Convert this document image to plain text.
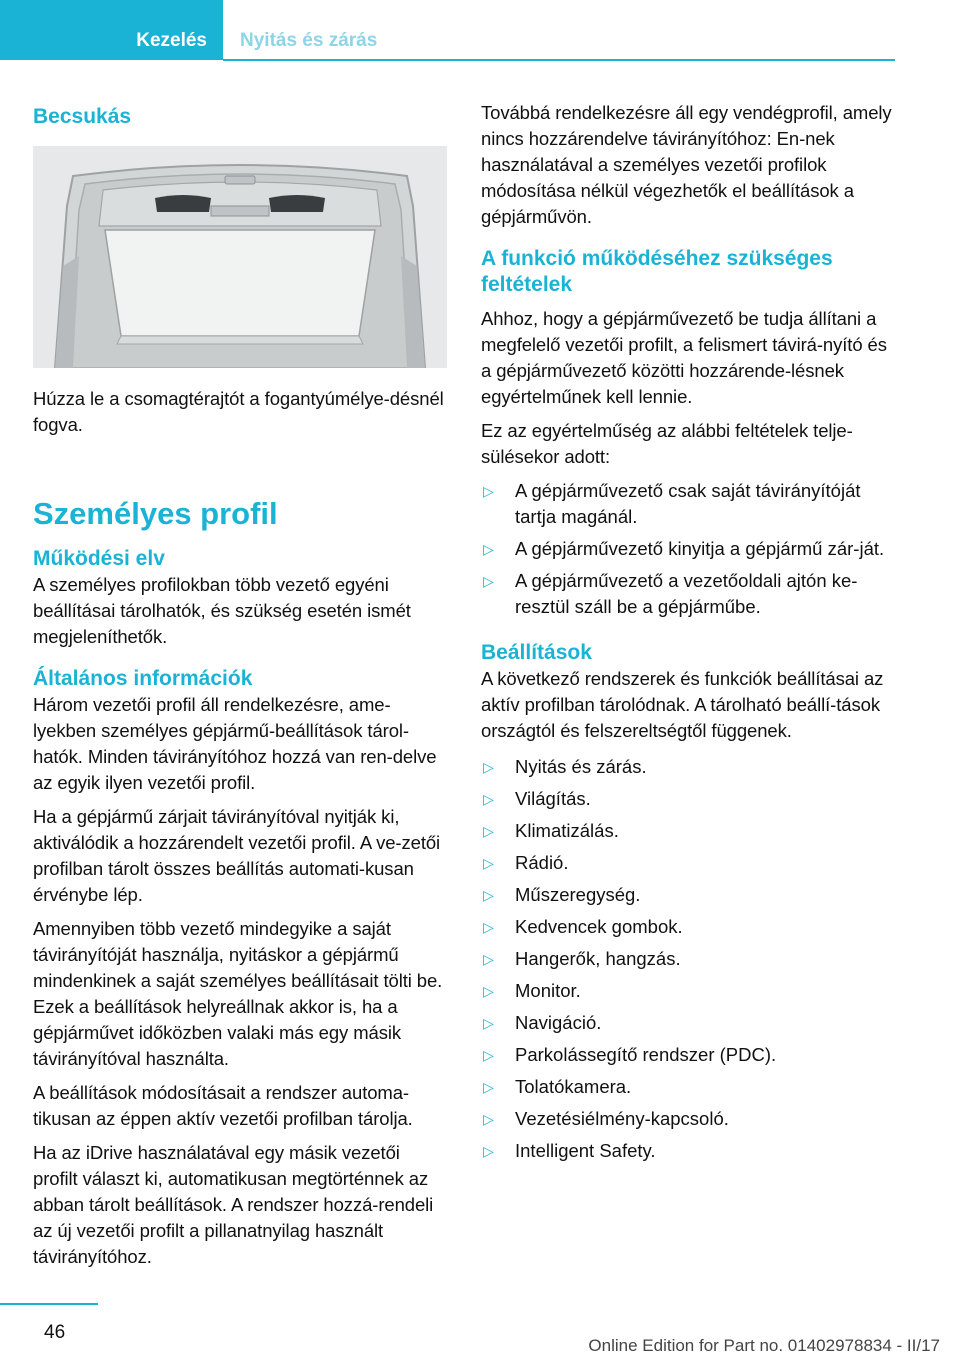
Kezelés	Nyitás és zárás
Becsukás

Húzza le a csomagtérajtót a fogantyúmélye‐désnél fogva.

Személyes profil
Működési elv

A személyes profilokban több vezető egyéni beállításai tárolhatók, és szükség esetén ismét megjeleníthetők.

Általános információk

Három vezetői profil áll rendelkezésre, ame‐lyekben személyes gépjármű-beállítások tárol‐hatók. Minden távirányítóhoz hozzá van ren‐delve az egyik ilyen vezetői profil.

Ha a gépjármű zárjait távirányítóval nyitják ki, aktiválódik a hozzárendelt vezetői profil. A ve‐zetői profilban tárolt összes beállítás automati‐kusan érvénybe lép.

Amennyiben több vezető mindegyike a saját távirányítóját használja, nyitáskor a gépjármű mindenkinek a saját személyes beállításait tölti be. Ezek a beállítások helyreállnak akkor is, ha a gépjárművet időközben valaki más egy másik távirányítóval használta.

A beállítások módosításait a rendszer automa‐tikusan az éppen aktív vezetői profilban tárolja.

Ha az iDrive használatával egy másik vezetői profilt választ ki, automatikusan megtörténnek az abban tárolt beállítások. A rendszer hozzá‐rendeli az új vezetői profilt a pillanatnyilag használt távirányítóhoz.

Továbbá rendelkezésre áll egy vendégprofil, amely nincs hozzárendelve távirányítóhoz: En‐nek használatával a személyes vezetői profilok módosítása nélkül végezhetők el beállítások a gépjárművön.

A funkció működéséhez szükséges feltételek

Ahhoz, hogy a gépjárművezető be tudja állítani a megfelelő vezetői profilt, a felismert távirá‐nyító és a gépjárművezető közötti hozzárende‐lésnek egyértelműnek kell lennie.

Ez az egyértelműség az alábbi feltételek telje‐sülésekor adott:

▷	A gépjárművezető csak saját távirányítóját tartja magánál.
▷	A gépjárművezető kinyitja a gépjármű zár‐ját.
▷	A gépjárművezető a vezetőoldali ajtón ke‐resztül száll be a gépjárműbe.
Beállítások

A következő rendszerek és funkciók beállításai az aktív profilban tárolódnak. A tárolható beállí‐tások országtól és felszereltségtől függenek.

▷	Nyitás és zárás.
▷	Világítás.
▷	Klimatizálás.
▷	Rádió.
▷	Műszeregység.
▷	Kedvencek gombok.
▷	Hangerők, hangzás.
▷	Monitor.
▷	Navigáció.
▷	Parkolássegítő rendszer (PDC).
▷	Tolatókamera.
▷	Vezetésiélmény-kapcsoló.
▷	Intelligent Safety.
46
Online Edition for Part no. 01402978834 - II/17
